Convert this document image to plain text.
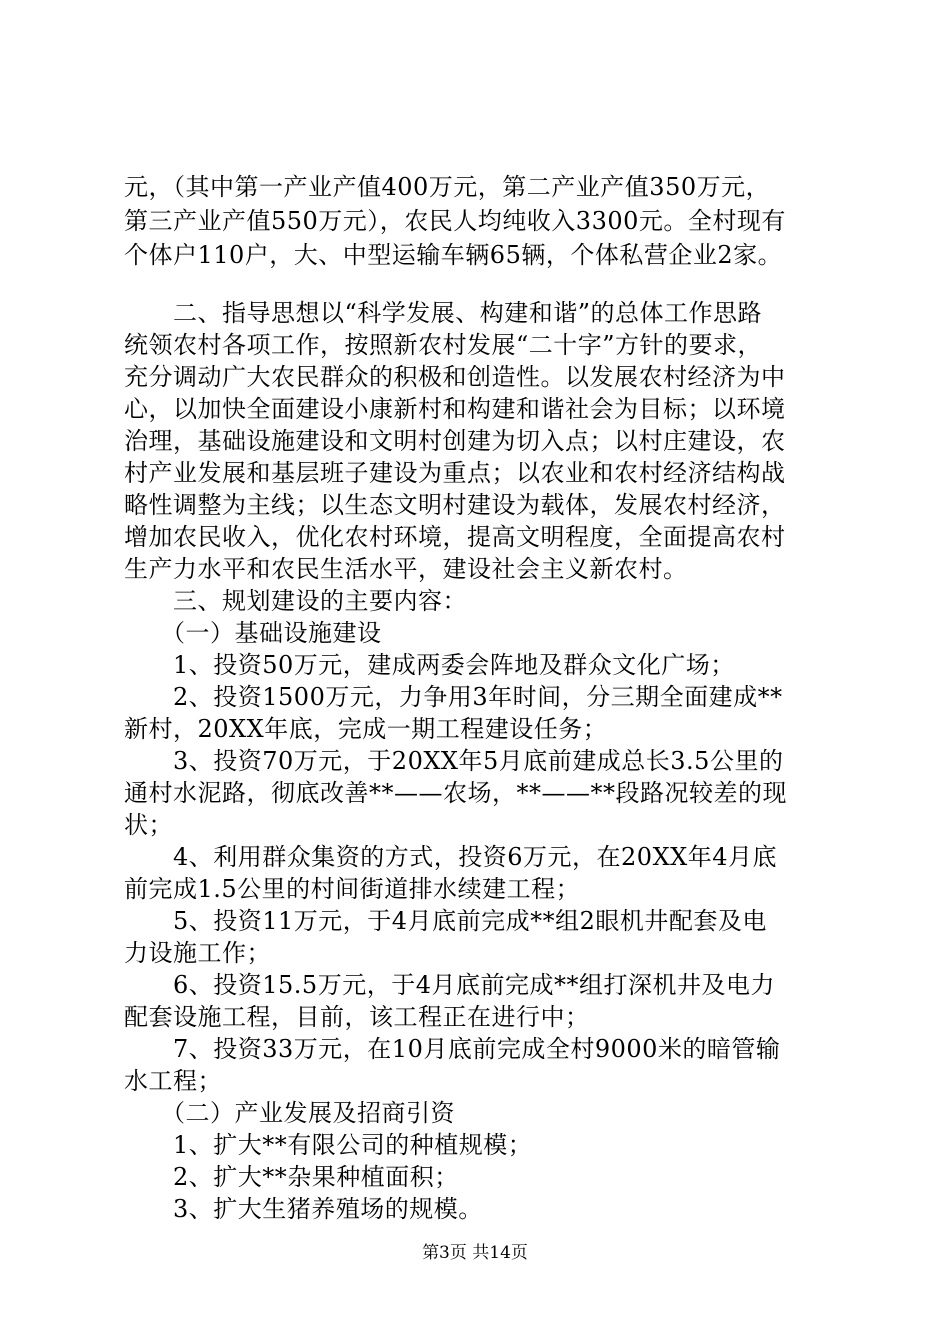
元，（其中第一产业产值400万元，第二产业产值350万元，
第三产业产值550万元），农民人均纯收入3300元。全村现有
个体户110户，大、中型运输车辆65辆，个体私营企业2家。
　　二、指导思想以“科学发展、构建和谐”的总体工作思路
统领农村各项工作，按照新农村发展“二十字”方针的要求，
充分调动广大农民群众的积极和创造性。以发展农村经济为中
心，以加快全面建设小康新村和构建和谐社会为目标；以环境
治理，基础设施建设和文明村创建为切入点；以村庄建设，农
村产业发展和基层班子建设为重点；以农业和农村经济结构战
略性调整为主线；以生态文明村建设为载体，发展农村经济，
增加农民收入，优化农村环境，提高文明程度，全面提高农村
生产力水平和农民生活水平，建设社会主义新农村。
　　三、规划建设的主要内容：
　　（一）基础设施建设
　　1、投资50万元，建成两委会阵地及群众文化广场；
　　2、投资1500万元，力争用3年时间，分三期全面建成**
新村，20XX年底，完成一期工程建设任务；
　　3、投资70万元，于20XX年5月底前建成总长3.5公里的
通村水泥路，彻底改善**——农场，**——**段路况较差的现
状；
　　4、利用群众集资的方式，投资6万元，在20XX年4月底
前完成1.5公里的村间街道排水续建工程；
　　5、投资11万元，于4月底前完成**组2眼机井配套及电
力设施工作；
　　6、投资15.5万元，于4月底前完成**组打深机井及电力
配套设施工程，目前，该工程正在进行中；
　　7、投资33万元，在10月底前完成全村9000米的暗管输
水工程；
　　（二）产业发展及招商引资
　　1、扩大**有限公司的种植规模；
　　2、扩大**杂果种植面积；
　　3、扩大生猪养殖场的规模。
第3页 共14页
